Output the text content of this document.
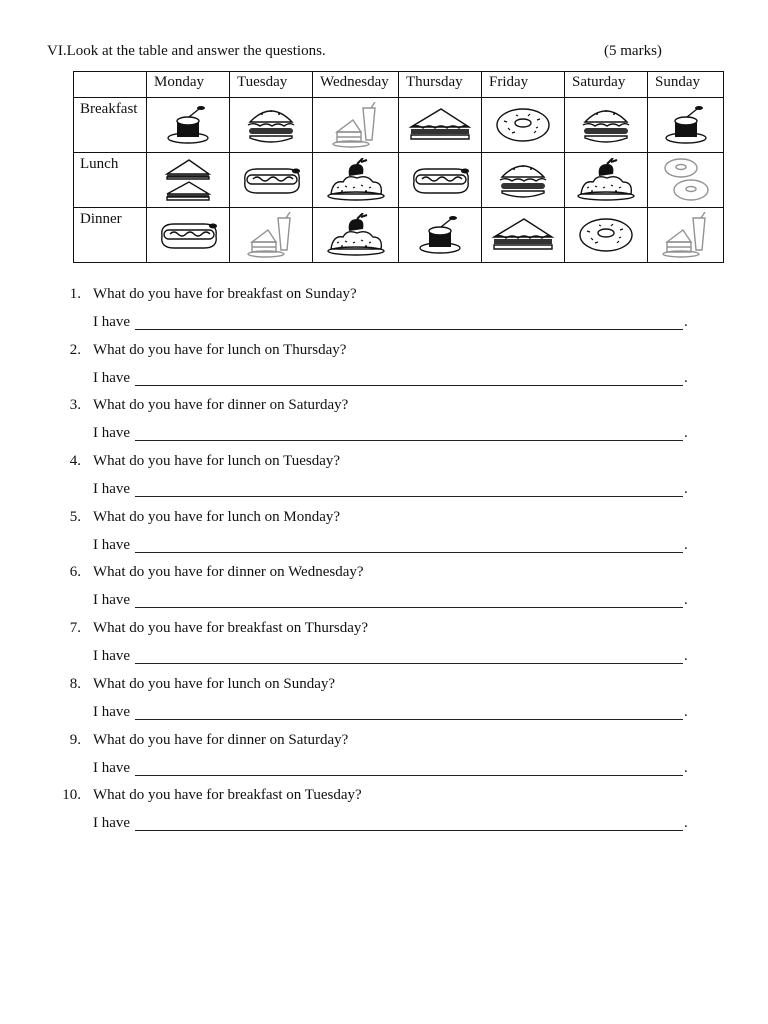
VI.Look at the table and answer the questions.	(5 marks)
	Monday	Tuesday	Wednesday	Thursday	Friday	Saturday	Sunday
Breakfast	

Lunch	

Dinner	

1. What do you have for breakfast on Sunday?
I have	.
2. What do you have for lunch on Thursday?
I have	.
3. What do you have for dinner on Saturday?
I have	.
4. What do you have for lunch on Tuesday?
I have	.
5. What do you have for lunch on Monday?
I have	.
6. What do you have for dinner on Wednesday?
I have	.
7. What do you have for breakfast on Thursday?
I have	.
8. What do you have for lunch on Sunday?
I have	.
9. What do you have for dinner on Saturday?
I have	.
10. What do you have for breakfast on Tuesday?
I have	.
